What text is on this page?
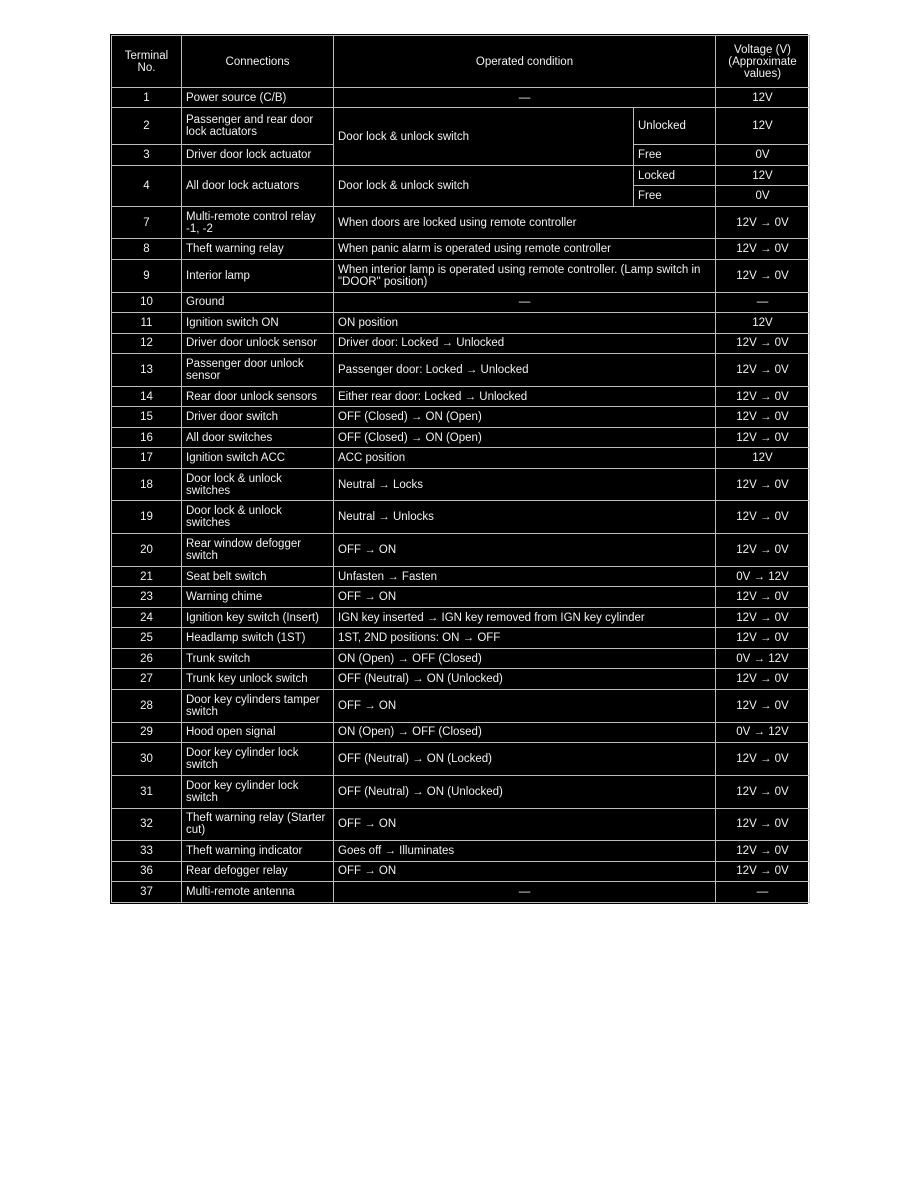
Terminal No.	Connections	Operated condition		Voltage (V) (Approximate values)
1	Power source (C/B)	—		12V
2	Passenger and rear door lock actuators	Door lock & unlock switch	Unlocked	12V
3	Driver door lock actuator		Free	0V
4	All door lock actuators	Door lock & unlock switch	Locked	12V
			Free	0V
7	Multi-remote control relay -1, -2	When doors are locked using remote controller		12V → 0V
8	Theft warning relay	When panic alarm is operated using remote controller		12V → 0V
9	Interior lamp	When interior lamp is operated using remote controller. (Lamp switch in "DOOR" position)		12V → 0V
10	Ground	—		—
11	Ignition switch ON	ON position		12V
12	Driver door unlock sensor	Driver door: Locked → Unlocked		12V → 0V
13	Passenger door unlock sensor	Passenger door: Locked → Unlocked		12V → 0V
14	Rear door unlock sensors	Either rear door: Locked → Unlocked		12V → 0V
15	Driver door switch	OFF (Closed) → ON (Open)		12V → 0V
16	All door switches	OFF (Closed) → ON (Open)		12V → 0V
17	Ignition switch ACC	ACC position		12V
18	Door lock & unlock switches	Neutral → Locks		12V → 0V
19	Door lock & unlock switches	Neutral → Unlocks		12V → 0V
20	Rear window defogger switch	OFF → ON		12V → 0V
21	Seat belt switch	Unfasten → Fasten		0V → 12V
23	Warning chime	OFF → ON		12V → 0V
24	Ignition key switch (Insert)	IGN key inserted → IGN key removed from IGN key cylinder		12V → 0V
25	Headlamp switch (1ST)	1ST, 2ND positions: ON → OFF		12V → 0V
26	Trunk switch	ON (Open) → OFF (Closed)		0V → 12V
27	Trunk key unlock switch	OFF (Neutral) → ON (Unlocked)		12V → 0V
28	Door key cylinders tamper switch	OFF → ON		12V → 0V
29	Hood open signal	ON (Open) → OFF (Closed)		0V → 12V
30	Door key cylinder lock switch	OFF (Neutral) → ON (Locked)		12V → 0V
31	Door key cylinder lock switch	OFF (Neutral) → ON (Unlocked)		12V → 0V
32	Theft warning relay (Starter cut)	OFF → ON		12V → 0V
33	Theft warning indicator	Goes off → Illuminates		12V → 0V
36	Rear defogger relay	OFF → ON		12V → 0V
37	Multi-remote antenna	—		—
